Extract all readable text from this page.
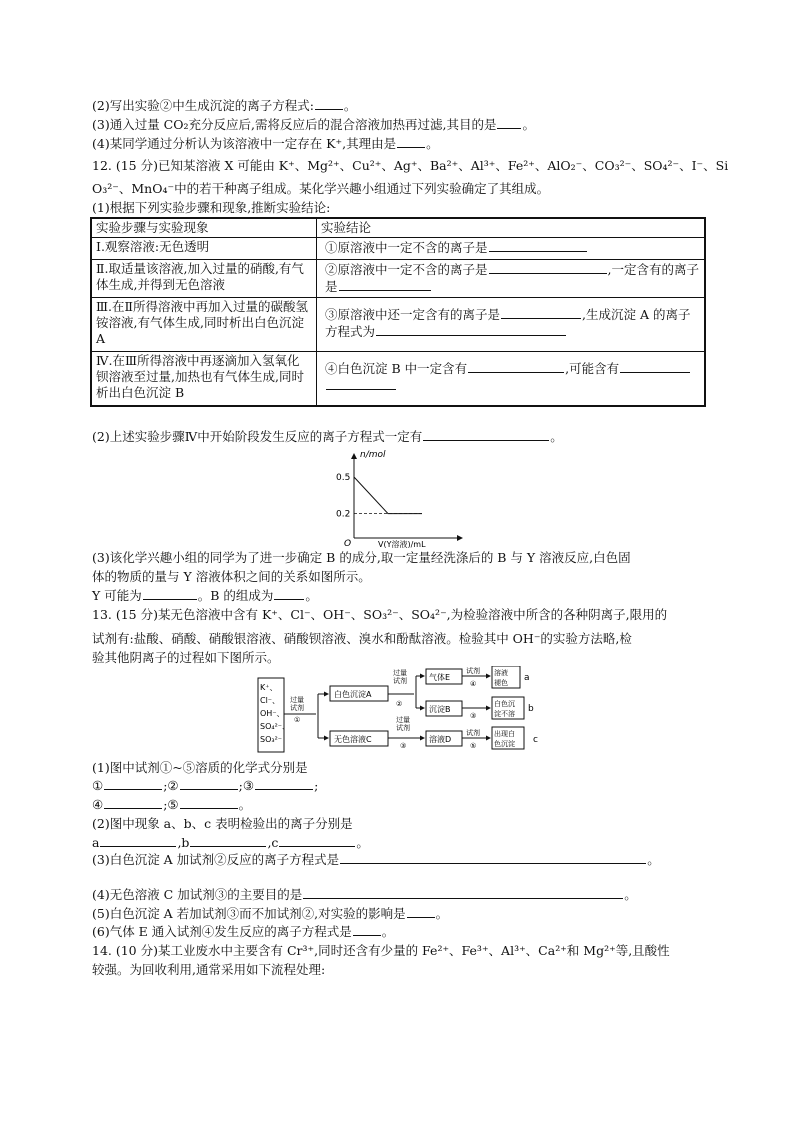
(2)写出实验②中生成沉淀的离子方程式: 。
(3)通入过量 CO₂充分反应后,需将反应后的混合溶液加热再过滤,其目的是 。
(4)某同学通过分析认为该溶液中一定存在 K⁺,其理由是 。
12. (15 分)已知某溶液 X 可能由 K⁺、Mg²⁺、Cu²⁺、Ag⁺、Ba²⁺、Al³⁺、Fe²⁺、AlO₂⁻、CO₃²⁻、SO₄²⁻、I⁻、Si
O₃²⁻、MnO₄⁻中的若干种离子组成。某化学兴趣小组通过下列实验确定了其组成。
(1)根据下列实验步骤和现象,推断实验结论:
实验步骤与实验现象	实验结论
Ⅰ.观察溶液:无色透明	①原溶液中一定不含的离子是
Ⅱ.取适量该溶液,加入过量的硝酸,有气体生成,并得到无色溶液	②原溶液中一定不含的离子是 ,一定含有的离子是
Ⅲ.在Ⅱ所得溶液中再加入过量的碳酸氢铵溶液,有气体生成,同时析出白色沉淀 A	③原溶液中还一定含有的离子是 ,生成沉淀 A 的离子方程式为
Ⅳ.在Ⅲ所得溶液中再逐滴加入氢氧化钡溶液至过量,加热也有气体生成,同时析出白色沉淀 B	④白色沉淀 B 中一定含有 ,可能含有

(2)上述实验步骤Ⅳ中开始阶段发生反应的离子方程式一定有	。
n/mol
V(Y溶液)/mL
O
0.5
0.2
(3)该化学兴趣小组的同学为了进一步确定 B 的成分,取一定量经洗涤后的 B 与 Y 溶液反应,白色固
体的物质的量与 Y 溶液体积之间的关系如图所示。
Y 可能为	。B 的组成为	。
13. (15 分)某无色溶液中含有 K⁺、Cl⁻、OH⁻、SO₃²⁻、SO₄²⁻,为检验溶液中所含的各种阴离子,限用的
试剂有:盐酸、硝酸、硝酸银溶液、硝酸钡溶液、溴水和酚酞溶液。检验其中 OH⁻的实验方法略,检
验其他阴离子的过程如下图所示。
K⁺、
Cl⁻、
OH⁻、
SO₄²⁻、
SO₃²⁻
过量
试剂
①
白色沉淀A
无色溶液C
过量
试剂
②
气体E
沉淀B
过量
试剂
③
溶液D
试剂
④
③
试剂
⑤
溶液
褪色 a
白色沉
淀不溶 b
出现白
色沉淀 c
(1)图中试剂①~⑤溶质的化学式分别是
①	;②	;③	;
④	;⑤	。
(2)图中现象 a、b、c 表明检验出的离子分别是
a	,b	,c	。
(3)白色沉淀 A 加试剂②反应的离子方程式是	。
(4)无色溶液 C 加试剂③的主要目的是	。
(5)白色沉淀 A 若加试剂③而不加试剂②,对实验的影响是 。
(6)气体 E 通入试剂④发生反应的离子方程式是 。
14. (10 分)某工业废水中主要含有 Cr³⁺,同时还含有少量的 Fe²⁺、Fe³⁺、Al³⁺、Ca²⁺和 Mg²⁺等,且酸性
较强。为回收利用,通常采用如下流程处理:
